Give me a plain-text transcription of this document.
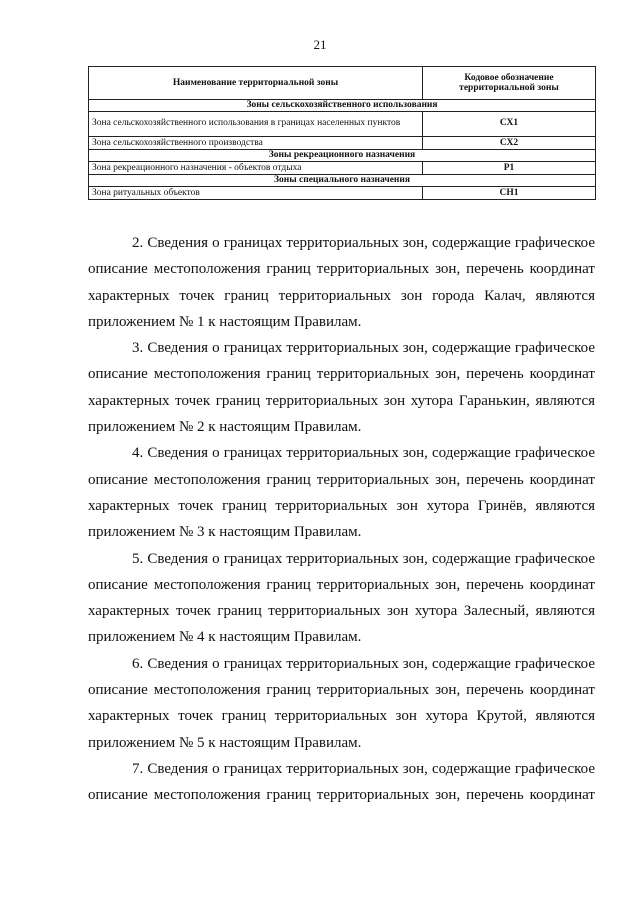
21
Наименование территориальной зоны	Кодовое обозначение территориальной зоны
Зоны сельскохозяйственного использования	
Зона сельскохозяйственного использования в границах населенных пунктов	СХ1
Зона сельскохозяйственного производства	СХ2
Зоны рекреационного назначения	
Зона рекреационного назначения - объектов отдыха	Р1
Зоны специального назначения	
Зона ритуальных объектов	СН1

2. Сведения о границах территориальных зон, содержащие графическое
описание местоположения границ территориальных зон, перечень координат
характерных точек границ территориальных зон города Калач, являются
приложением № 1 к настоящим Правилам.

3. Сведения о границах территориальных зон, содержащие графическое
описание местоположения границ территориальных зон, перечень координат
характерных точек границ территориальных зон хутора Гаранькин, являются
приложением № 2 к настоящим Правилам.

4. Сведения о границах территориальных зон, содержащие графическое
описание местоположения границ территориальных зон, перечень координат
характерных точек границ территориальных зон хутора Гринёв, являются
приложением № 3 к настоящим Правилам.

5. Сведения о границах территориальных зон, содержащие графическое
описание местоположения границ территориальных зон, перечень координат
характерных точек границ территориальных зон хутора Залесный, являются
приложением № 4 к настоящим Правилам.

6. Сведения о границах территориальных зон, содержащие графическое
описание местоположения границ территориальных зон, перечень координат
характерных точек границ территориальных зон хутора Крутой, являются
приложением № 5 к настоящим Правилам.

7. Сведения о границах территориальных зон, содержащие графическое
описание местоположения границ территориальных зон, перечень координат
